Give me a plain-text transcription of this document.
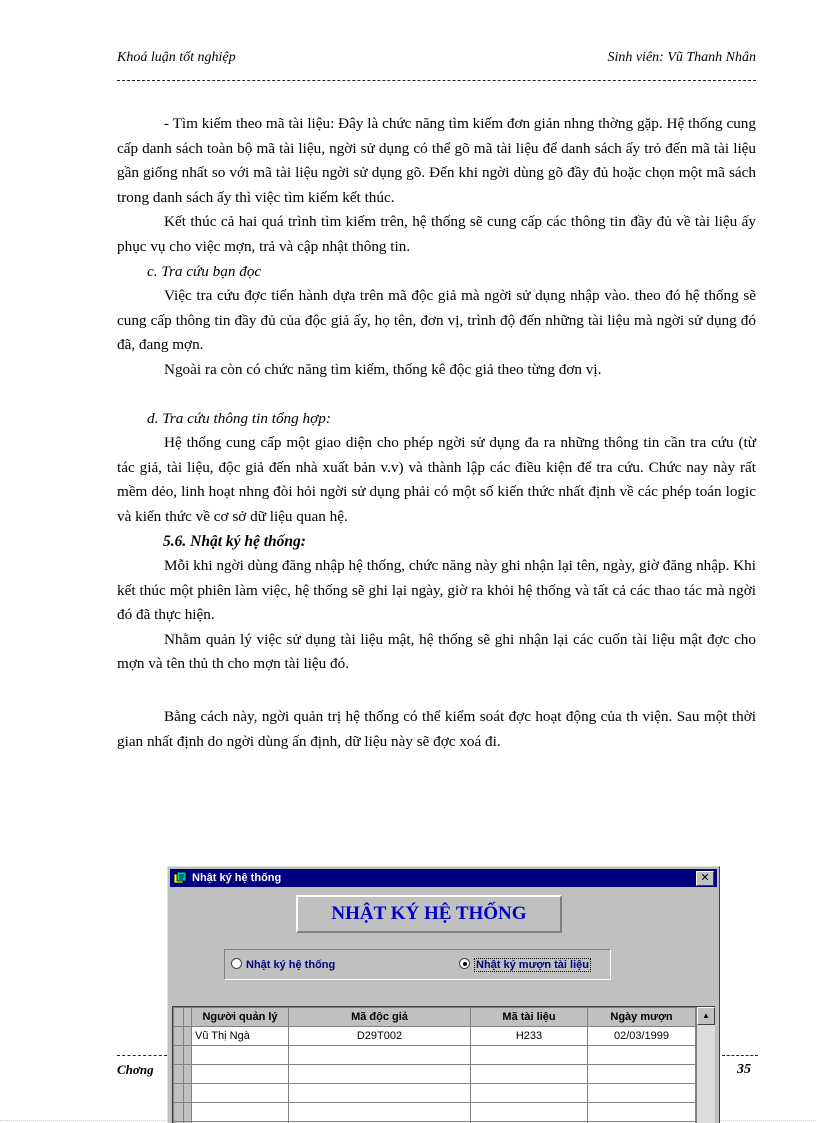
Khoá luận tốt nghiệp	Sinh viên: Vũ Thanh Nhân

- Tìm kiếm theo mã tài liệu: Đây là chức năng tìm kiếm đơn giản nhng thờng gặp. Hệ thống cung cấp danh sách toàn bộ mã tài liệu, ngời sử dụng có thể gõ mã tài liệu để danh sách ấy trỏ đến mã tài liệu gần giống nhất so với mã tài liệu ngời sử dụng gõ. Đến khi ngời dùng gõ đầy đủ hoặc chọn một mã sách trong danh sách ấy thì việc tìm kiếm kết thúc.

Kết thúc cả hai quá trình tìm kiếm trên, hệ thống sẽ cung cấp các thông tin đầy đủ về tài liệu ấy phục vụ cho việc mợn, trả và cập nhật thông tin.

c. Tra cứu bạn đọc

Việc tra cứu đợc tiến hành dựa trên mã độc giả mà ngời sử dụng nhập vào. theo đó hệ thống sẽ cung cấp thông tin đầy đủ của độc giả ấy, họ tên, đơn vị, trình độ đến những tài liệu mà ngời sử dụng đó đã, đang mợn.

Ngoài ra còn có chức năng tìm kiếm, thống kê độc giả theo từng đơn vị.

d. Tra cứu thông tin tổng hợp:

Hệ thống cung cấp một giao diện cho phép ngời sử dụng đa ra những thông tin cần tra cứu (từ tác giả, tài liệu, độc giả đến nhà xuất bản v.v) và thành lập các điều kiện để tra cứu. Chức nay này rất mềm dẻo, linh hoạt nhng đòi hỏi ngời sử dụng phải có một số kiến thức nhất định về các phép toán logic và kiến thức về cơ sở dữ liệu quan hệ.

5.6. Nhật ký hệ thống:

Mỗi khi ngời dùng đăng nhập hệ thống, chức năng này ghi nhận lại tên, ngày, giờ đăng nhập. Khi kết thúc một phiên làm việc, hệ thống sẽ ghi lại ngày, giờ ra khỏi hệ thống và tất cả các thao tác mà ngời đó đã thực hiện.

Nhằm quản lý việc sử dụng tài liệu mật, hệ thống sẽ ghi nhận lại các cuốn tài liệu mật đợc cho mợn và tên thủ th cho mợn tài liệu đó.

Bằng cách này, ngời quản trị hệ thống có thể kiểm soát đợc hoạt động của th viện. Sau một thời gian nhất định do ngời dùng ấn định, dữ liệu này sẽ đợc xoá đi.

Chơng	35
Nhật ký hệ thống	✕
NHẬT KÝ HỆ THỐNG
Nhật ký hệ thống	Nhật ký mượn tài liệu
		Người quản lý	Mã độc giả	Mã tài liệu	Ngày mượn
		Vũ Thị Ngà	D29T002	H233	02/03/1999

▲
